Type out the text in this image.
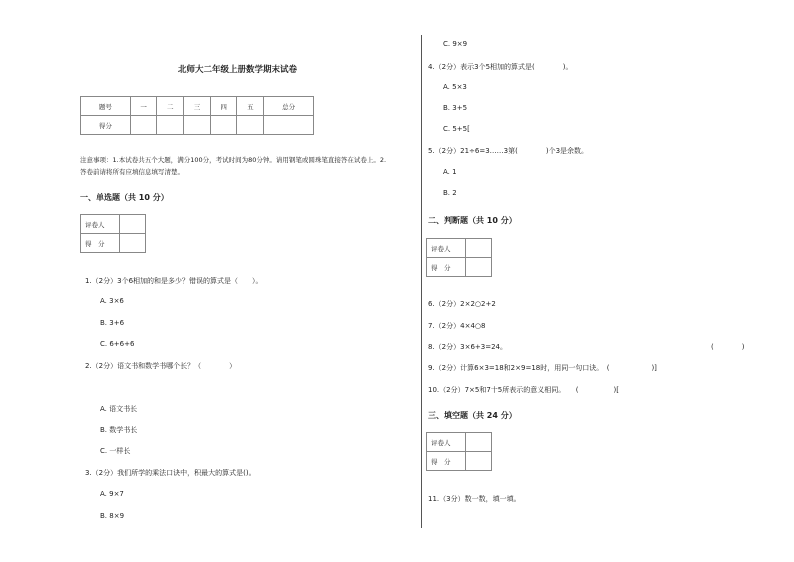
北师大二年级上册数学期末试卷
题号	一	二	三	四	五	总分
得分						
注意事项：1.本试卷共五个大题，满分100分，考试时间为80分钟。请用钢笔或圆珠笔直接答在试卷上。2.
答卷前请将所有应填信息填写清楚。
一、单选题（共 10 分）
评卷人	
得　分	
1.（2分）3个6相加的和是多少？错误的算式是（　　）。
A. 3×6
B. 3+6
C. 6+6+6
2.（2分）语文书和数学书哪个长？（　　　　）
A. 语文书长
B. 数学书长
C. 一样长
3.（2分）我们所学的乘法口诀中，积最大的算式是()。
A. 9×7
B. 8×9
C. 9×9
4.（2分）表示3个5相加的算式是(　　　　)。
A. 5×3
B. 3+5
C. 5+5[
5.（2分）21÷6=3……3第(　　　　)个3是余数。
A. 1
B. 2
二、判断题（共 10 分）
评卷人	
得　分	
6.（2分）2×2○2+2
7.（2分）4×4○8
8.（2分）3×6+3=24。	(　　　　)
9.（2分）计算6×3=18和2×9=18时，用同一句口诀。　(　　　　　　)]
10.（2分）7×5和7十5所表示的意义相同。　　(　　　　　)[
三、填空题（共 24 分）
评卷人	
得　分	
11.（3分）数一数，填一填。
